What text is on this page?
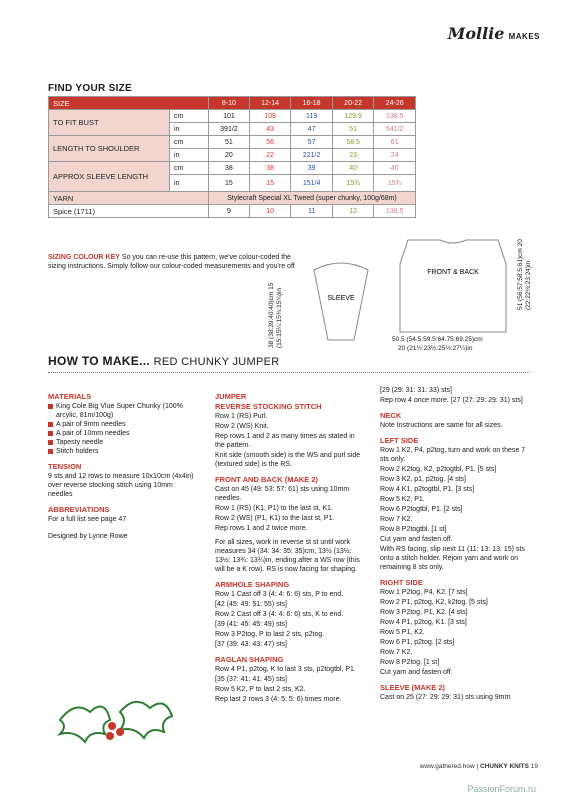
Mollie MAKES
FIND YOUR SIZE
SIZE		8-10	12-14	16-18	20-22	24-26
TO FIT BUST	cm	101	109	119	129.5	138.5
	in	391/2	43	47	51	541/2
LENGTH TO SHOULDER	cm	51	56	57	58.5	61
	in	20	22	221/2	23	24
APPROX SLEEVE LENGTH	cm	38	38	39	40	40
	in	15	15	151/4	15¾	15¾
YARN		Stylecraft Special XL Tweed (super chunky, 100g/68m)				
Spice (1711)		9	10	11	12	138.5
SIZING COLOUR KEY So you can re-use this pattern, we've colour-coded the sizing instructions. Simply follow our colour-coded measurements and you're off
SLEEVE
38 (38:39:40:40)cm 15 (15:15¼:15¾:15¾)in
FRONT & BACK	51 (56:57:58.5:61)cm 20 (22:22½:23:24)in
50.5 (54.5:59.5:64.75:69.25)cm
20 (21½:23½:25½:27¼)in
HOW TO MAKE... RED CHUNKY JUMPER
MATERIALS
King Cole Big Vlue Super Chunky (100% arcylic, 81m/100g)
A pair of 9mm needles
A pair of 10mm needles
Tapesty needle
Stitch holders
TENSION

9 sts and 12 rows to measure 10x10cm (4x4in) over reverse stocking stitch using 10mm needles

ABBREVIATIONS

For a full list see page 47

Designed by Lynne Rowe

JUMPER
REVERSE STOCKING STITCH

Row 1 (RS) Purl.

Row 2 (WS) Knit.

Rep rows 1 and 2 as many times as stated in the pattern.

Knit side (smooth side) is the WS and purl side (textured side) is the RS.

FRONT AND BACK (MAKE 2)

Cast on 45 (49: 53: 57: 61) sts using 10mm needles.

Row 1 (RS) (K1, P1) to the last st, K1.

Row 2 (WS) (P1, K1) to the last st, P1.

Rep rows 1 and 2 twice more.

For all sizes, work in reverse st st until work measures 34 (34: 34: 35: 35)cm, 13½ (13½: 13½: 13¾: 13¾)in, ending after a WS row (this will be a K row). RS is now facing for shaping.

ARMHOLE SHAPING

Row 1 Cast off 3 (4: 4: 6: 6) sts, P to end.

[42 (45: 49: 51: 55) sts]

Row 2 Cast off 3 (4: 4: 6: 6) sts, K to end.

[39 (41: 45: 45: 49) sts]

Row 3 P2tog, P to last 2 sts, p2tog.

[37 (39: 43: 43: 47) sts]

RAGLAN SHAPING

Row 4 P1, p2tog, K to last 3 sts, p2togtbl, P1.

[35 (37: 41: 41: 45) sts]

Row 5 K2, P to last 2 sts, K2.

Rep last 2 rows 3 (4: 5: 5: 6) times more.

[29 (29: 31: 31: 33) sts]

Rep row 4 once more. [27 (27: 29: 29: 31) sts]

NECK

Note Instructions are same for all sizes.

LEFT SIDE

Row 1 K2, P4, p2tog, turn and work on these 7 sts only.

Row 2 K2tog, K2, p2togtbl, P1. [5 sts]

Row 3 K2, p1, p2tog. [4 sts]

Row 4 K1, p2togtbl, P1. [3 sts]

Row 5 K2, P1.

Row 6 P2togtbl, P1. [2 sts]

Row 7 K2.

Row 8 P2togtbl. [1 st]

Cut yarn and fasten off.

With RS facing, slip next 11 (11: 13: 13: 15) sts onto a stitch holder. Rejoin yarn and work on remaining 8 sts only.

RIGHT SIDE

Row 1 P2tog, P4, K2. [7 sts]

Row 2 P1, p2tog, K2, k2tog. [5 sts]

Row 3 P2tog, P1, K2. [4 sts]

Row 4 P1, p2tog, K1. [3 sts]

Row 5 P1, K2.

Row 6 P1, p2tog. [2 sts]

Row 7 K2.

Row 8 P2tog. [1 st]

Cut yarn and fasten off.

SLEEVE (MAKE 2)

Cast on 25 (27: 29: 29: 31) sts using 9mm

www.gathered.how | CHUNKY KNITS 19
PassionForum.ru
